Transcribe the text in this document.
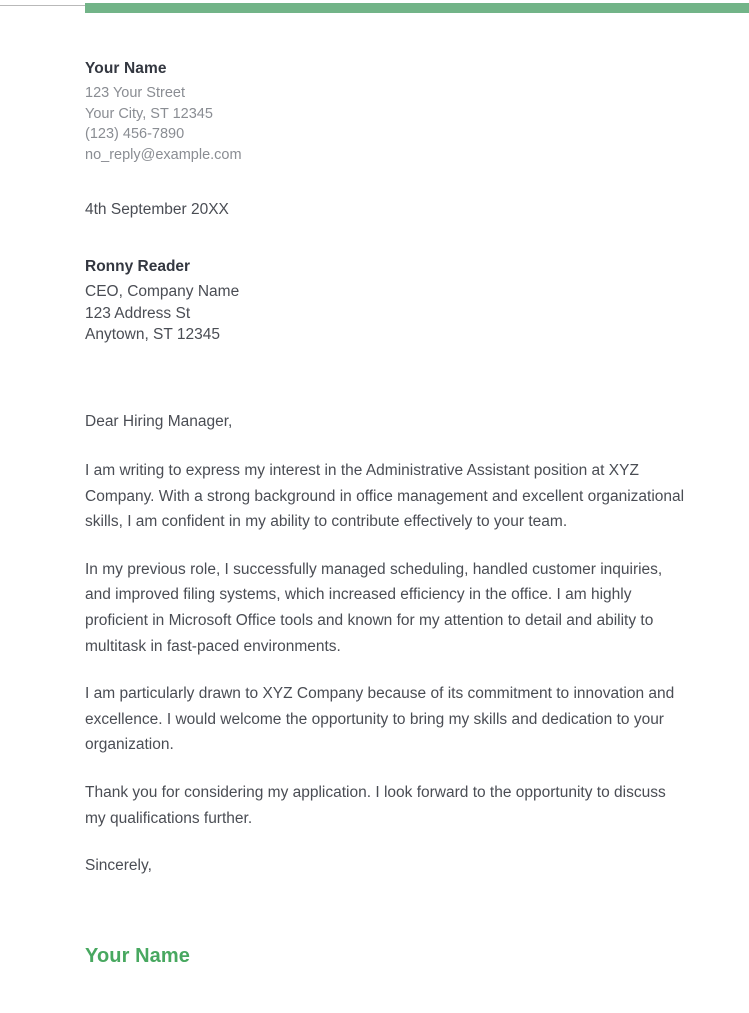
Your Name
123 Your Street
Your City, ST 12345
(123) 456-7890
no_reply@example.com
4th September 20XX
Ronny Reader
CEO, Company Name
123 Address St
Anytown, ST 12345

Dear Hiring Manager,

I am writing to express my interest in the Administrative Assistant position at XYZ Company. With a strong background in office management and excellent organizational skills, I am confident in my ability to contribute effectively to your team.

In my previous role, I successfully managed scheduling, handled customer inquiries, and improved filing systems, which increased efficiency in the office. I am highly proficient in Microsoft Office tools and known for my attention to detail and ability to multitask in fast-paced environments.

I am particularly drawn to XYZ Company because of its commitment to innovation and excellence. I would welcome the opportunity to bring my skills and dedication to your organization.

Thank you for considering my application. I look forward to the opportunity to discuss my qualifications further.

Sincerely,

Your Name
